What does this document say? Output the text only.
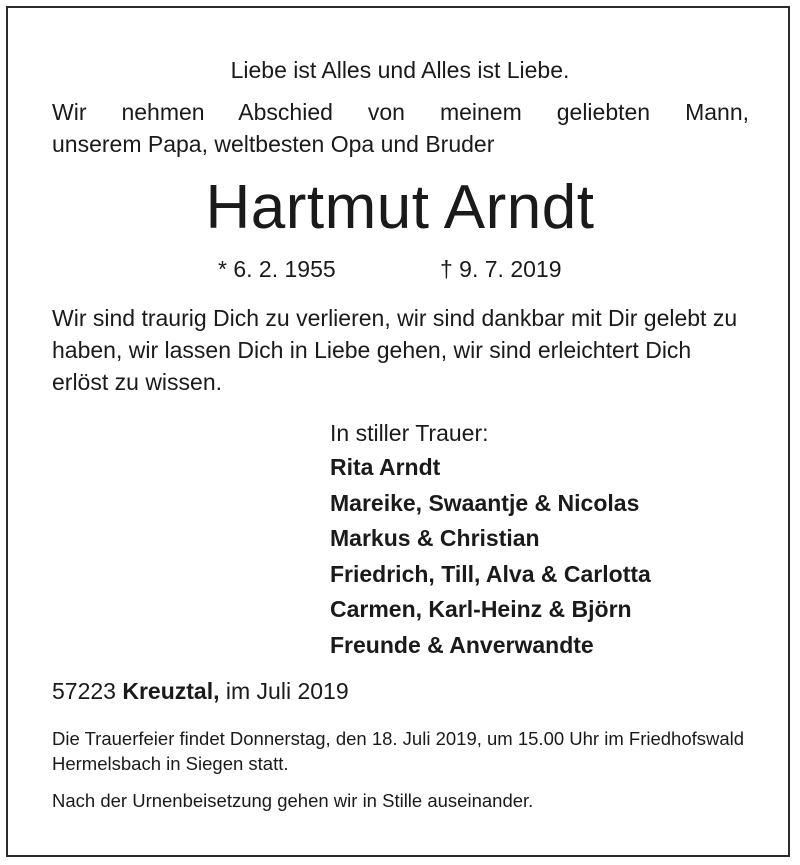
Liebe ist Alles und Alles ist Liebe.
Wir nehmen Abschied von meinem geliebten Mann,
unserem Papa, weltbesten Opa und Bruder
Hartmut Arndt
* 6. 2. 1955	† 9. 7. 2019
Wir sind traurig Dich zu verlieren, wir sind dankbar mit Dir gelebt zu haben, wir lassen Dich in Liebe gehen, wir sind erleichtert Dich erlöst zu wissen.
In stiller Trauer:
Rita Arndt
Mareike, Swaantje & Nicolas
Markus & Christian
Friedrich, Till, Alva & Carlotta
Carmen, Karl-Heinz & Björn
Freunde & Anverwandte
57223 Kreuztal, im Juli 2019
Die Trauerfeier findet Donnerstag, den 18. Juli 2019, um 15.00 Uhr im Friedhofswald Hermelsbach in Siegen statt.
Nach der Urnenbeisetzung gehen wir in Stille auseinander.
